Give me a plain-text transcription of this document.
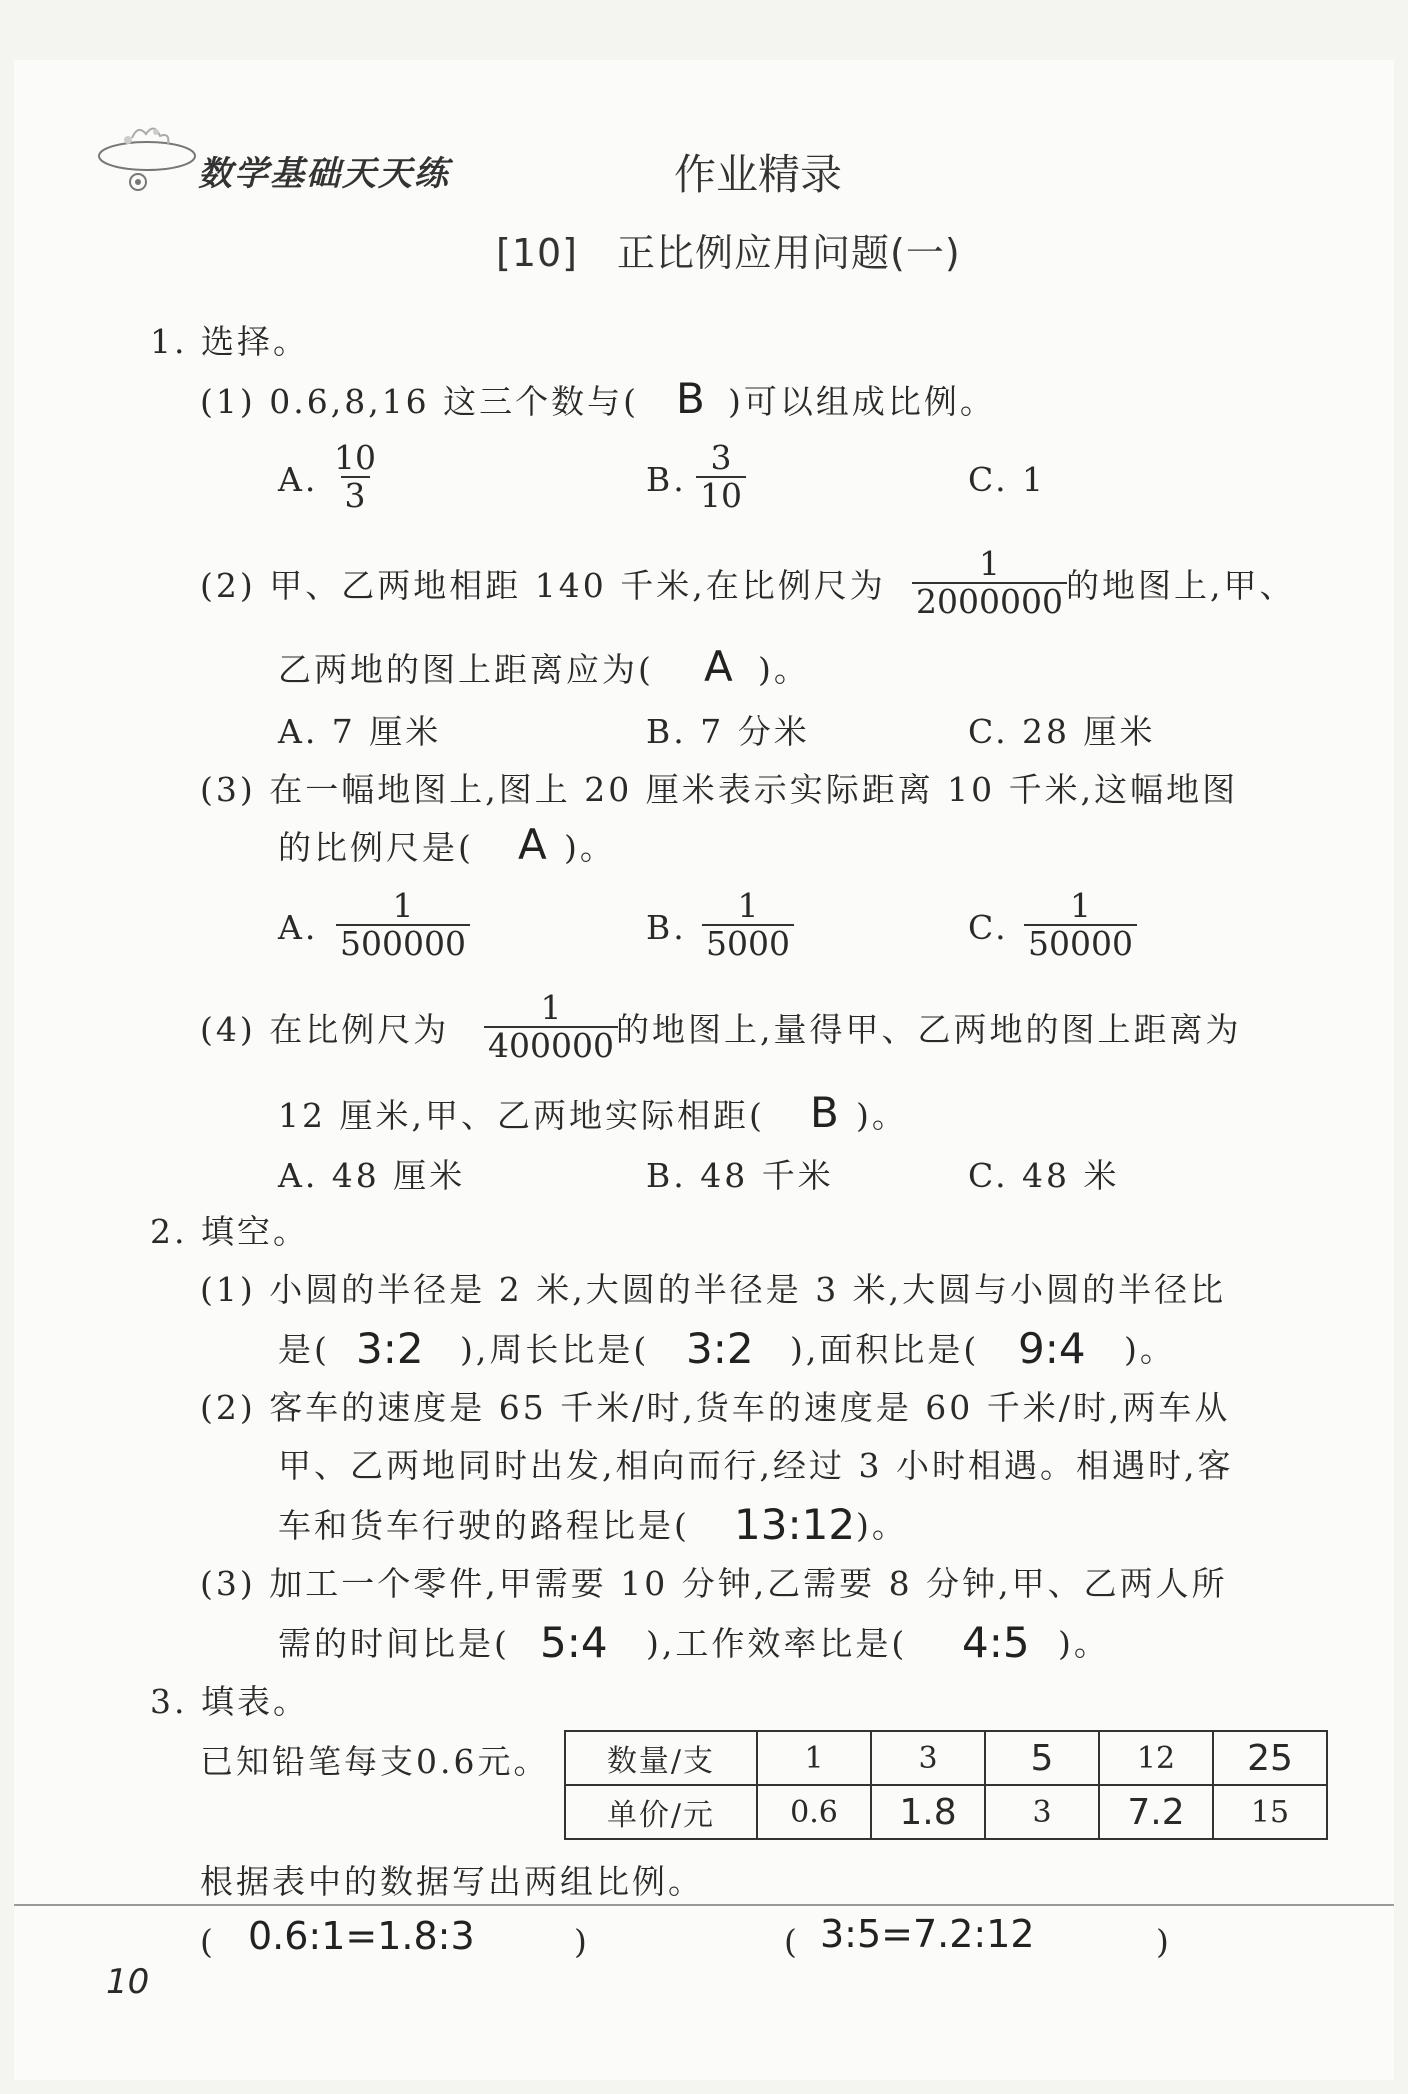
数学基础天天练	作业精录
[10]　正比例应用问题(一)
1. 选择。
(1) 0.6,8,16 这三个数与( B )可以组成比例。
A. $\frac{10}{3}$	B. $\frac{3}{10}$	C. 1
(2) 甲、乙两地相距 140 千米,在比例尺为 $\frac{1}{2000000}$ 的地图上,甲、
乙两地的图上距离应为( A )。
A. 7 厘米	B. 7 分米	C. 28 厘米
(3) 在一幅地图上,图上 20 厘米表示实际距离 10 千米,这幅地图
的比例尺是( A )。
A. $\frac{1}{500000}$	B. $\frac{1}{5000}$	C. $\frac{1}{50000}$
(4) 在比例尺为 $\frac{1}{400000}$
的地图上,量得甲、乙两地的图上距离为
12 厘米,甲、乙两地实际相距( B )。
A. 48 厘米	B. 48 千米	C. 48 米
2. 填空。
(1) 小圆的半径是 2 米,大圆的半径是 3 米,大圆与小圆的半径比
是( 3:2 ),周长比是( 3:2 ),面积比是( 9:4 )。
(2) 客车的速度是 65 千米/时,货车的速度是 60 千米/时,两车从
甲、乙两地同时出发,相向而行,经过 3 小时相遇。相遇时,客
车和货车行驶的路程比是( 13:12 )。
(3) 加工一个零件,甲需要 10 分钟,乙需要 8 分钟,甲、乙两人所
需的时间比是( 5:4 ),工作效率比是( 4:5 )。
3. 填表。
已知铅笔每支0.6元。 数量/支	1	3	5	12	25
单价/元	0.6	1.8	3	7.2	15
根据表中的数据写出两组比例。
( 0.6:1=1.8:3	)	( 3:5=7.2:12	)
10
